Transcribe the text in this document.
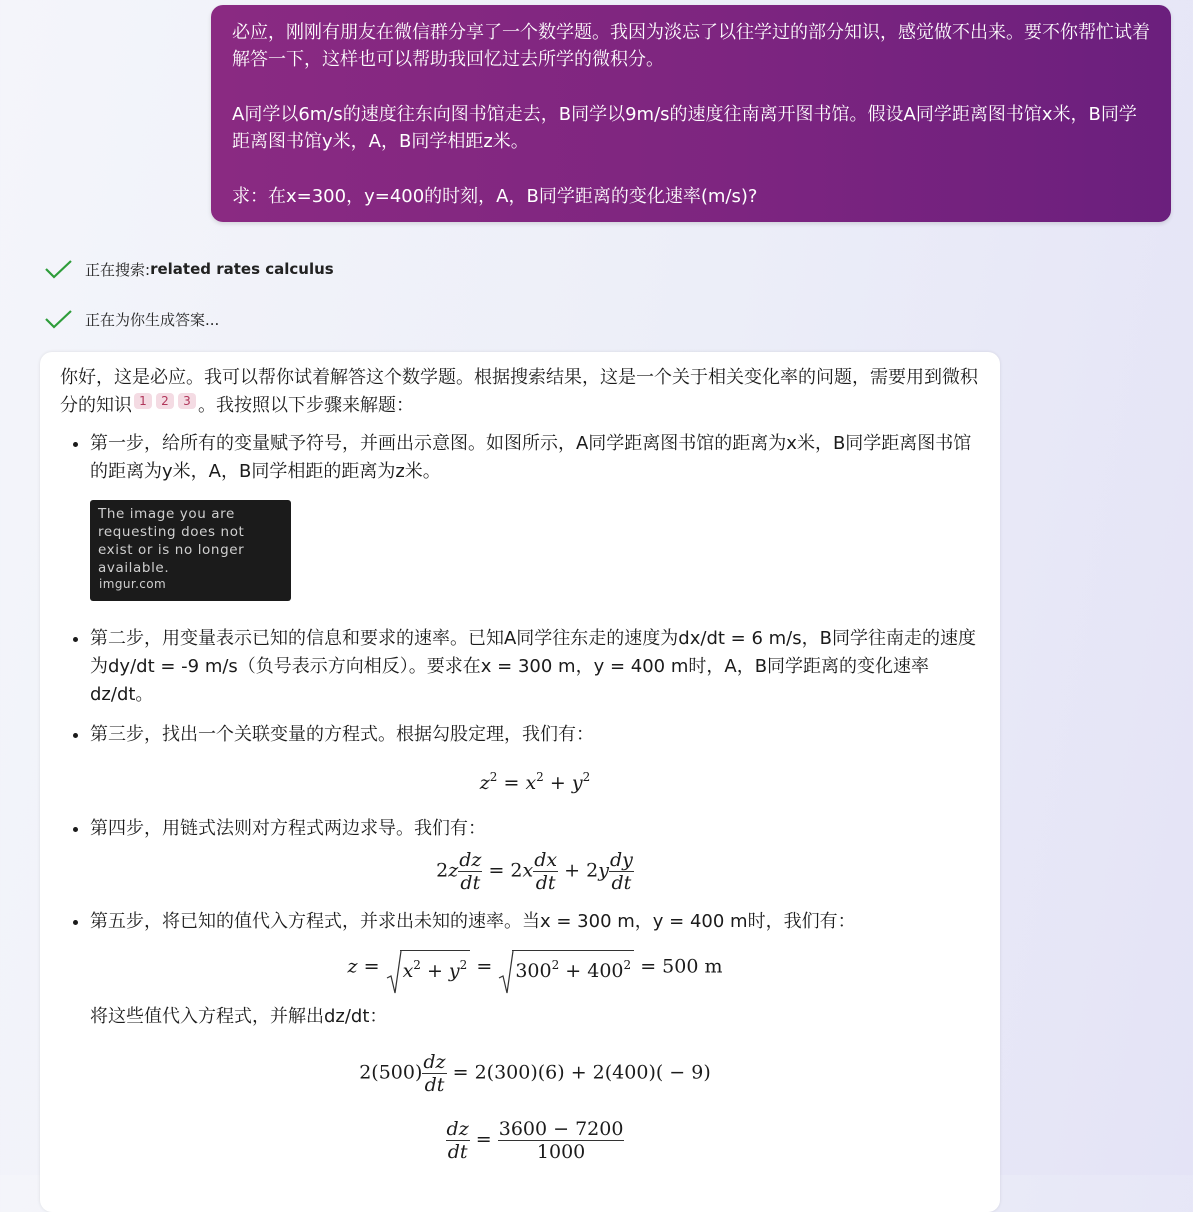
必应，刚刚有朋友在微信群分享了一个数学题。我因为淡忘了以往学过的部分知识，感觉做不出来。要不你帮忙试着解答一下，这样也可以帮助我回忆过去所学的微积分。

A同学以6m/s的速度往东向图书馆走去，B同学以9m/s的速度往南离开图书馆。假设A同学距离图书馆x米，B同学距离图书馆y米，A，B同学相距z米。

求：在x=300，y=400的时刻，A，B同学距离的变化速率(m/s)?

正在搜索: related rates calculus
正在为你生成答案...

你好，这是必应。我可以帮你试着解答这个数学题。根据搜索结果，这是一个关于相关变化率的问题，需要用到微积分的知识 1 2 3 。我按照以下步骤来解题：

• 第一步，给所有的变量赋予符号，并画出示意图。如图所示，A同学距离图书馆的距离为x米，B同学距离图书馆的距离为y米，A，B同学相距的距离为z米。
The image you are requesting does not exist or is no longer available.
imgur.com
• 第二步，用变量表示已知的信息和要求的速率。已知A同学往东走的速度为dx/dt = 6 m/s，B同学往南走的速度为dy/dt = -9 m/s（负号表示方向相反）。要求在x = 300 m，y = 400 m时，A，B同学距离的变化速率dz/dt。
• 第三步，找出一个关联变量的方程式。根据勾股定理，我们有：
$z^2 = x^2 + y^2$
• 第四步，用链式法则对方程式两边求导。我们有：
$2z \frac{dz}{dt} = 2x \frac{dx}{dt} + 2y \frac{dy}{dt}$
• 第五步，将已知的值代入方程式，并求出未知的速率。当x = 300 m，y = 400 m时，我们有：
$z = x^2 + y^2 = 300^2 + 400^2 = 500$ m

将这些值代入方程式，并解出dz/dt：

$2(500) \frac{dz}{dt} = 2(300)(6) + 2(400)( - 9)$
$\frac{dz}{dt} = \frac{3600 - 7200}{1000}$
